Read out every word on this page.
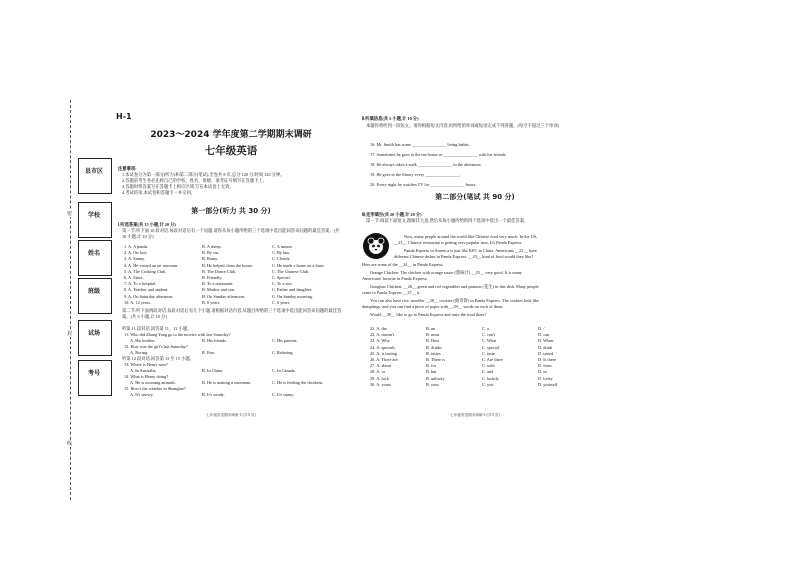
密
封
线
县市区
学校
姓名
班级
试场
考号
H-1
2023～2024 学年度第二学期期末调研
七年级英语
注意事项:
1.本试卷分为第一部分(听力)和第二部分(笔试),全卷共 8 页,总分 120 分,时间 120 分钟。
2.答题前考生务必先将自己的学校、姓名、班级、准考证号填写在答题卡上。
3.答题时将答案写在答题卡上相应区域,写在本试卷上无效。
4.考试结束,本试卷和答题卡一并交回。
第一部分(听力 共 30 分)
Ⅰ.听选答案(共 15 小题,计 20 分)
第一节:听下面 10 段对话,每段对话后有一个问题,请你从每小题所给的三个选项中选出能回答该问题的最佳答案。(共 10 小题,计 10 分)

1. A. A panda.	B. A sheep.	C. A mouse.

2. A. On foot.	B. By car.	C. By bus.

3. A. Sunny.	B. Rainy.	C. Cloudy.

4. A. He visited an art museum.	B. He helped clean the house.	C. He made a home on a farm.

5. A. The Cooking Club.	B. The Dance Club.	C. The Chinese Club.

6. A. Strict.	B. Friendly.	C. Special.

7. A. To a hospital.	B. To a restaurant.	C. To a zoo.

8. A. Teacher and student.	B. Mother and son.	C. Father and daughter.

9. A. On Saturday afternoon.	B. On Sunday afternoon.	C. On Sunday morning.

10. A. 12 years.	B. 8 years.	C. 6 years.

第二节:听下面两段对话,每段对话后有几个小题,请根据对话内容,从题目所给的三个选项中选出能回答该问题的最佳答案。(共 5 小题,计 10 分)
听第 11 段对话,回答第 11、12 小题。
11. Who did Zhang Yang go to the movies with last Saturday?
A. His brother.	B. His friends.	C. His parents.
12. How was the girl's last Saturday?
A. Boring.	B. Fun.	C. Relaxing.
听第 12 段对话,回答第 13 至 15 小题。
13. Where is Henry now?
A. In Australia.	B. In China.	C. In Canada.
14. What is Henry doing?
A. He is zooming animals.	B. He is making a snowman.	C. He is feeding the chickens.
15. How's the weather in Shanghai?
A. It's snowy.	B. It's windy.	C. It's sunny.
七年级英语期末调研-1-(共 8 页)
Ⅱ.听填信息(共 5 小题,计 10 分)
本题你将听到一段短文。请你根据短文内容,用所给的单词或短语完成下列各题。(每空不超过三个单词)
16. Mr. Smith has some ________________ living habits.
17. Sometimes he goes to the tea house or ________________ with his friends.
18. He always takes a walk ________________ in the afternoon.
19. He goes to the library every ________________.
20. Every night he watches TV for ________________ hours.
第二部分(笔试 共 90 分)
Ⅲ.完形填空(共 20 小题,计 20 分)
第一节:阅读下面短文,理解其大意,然后从每小题所给的四个选项中选出一个最佳答案。
Now, many people around the world like Chinese food very much. In the US,
__21__ Chinese restaurant is getting very popular now. It's Panda Express.
Panda Express in America is just like KFC in China. Americans __22__ have
different Chinese dishes in Panda Express. __23__ kind of food would they like?
Here are some of the __24__ in Panda Express.
Orange Chicken: The chicken with orange sauce (酱味汁) __25__ very good. It is many
Americans' favorite in Panda Express.
Gongbao Chicken: __26__ green and red vegetables and peanuts (花生) in this dish. Many people
come to Panda Express __27__ it.
You can also have rice, noodles __28__ cookies (曲奇饼) in Panda Express. The cookies look like
dumplings, and you can find a piece of paper with __29__ words on each of them.
Would __30__ like to go to Panda Express and taste the food there?

21. A. the	B. an	C. a	D. /

22. A. mustn't	B. must	C. can't	D. can

23. A. Why	B. How	C. What	D. When

24. A. specials	B. drinks	C. special	D. drink

25. A. is tasting	B. tastes	C. taste	D. tasted

26. A. There are	B. There is	C. Are there	D. Is there

27. A. about	B. for	C. with	D. from

28. A. or	B. but	C. and	D. so

29. A. luck	B. unlucky	C. luckily	D. lucky

30. A. yours	B. your	C. you	D. yourself

七年级英语期末调研-2-(共 8 页)
